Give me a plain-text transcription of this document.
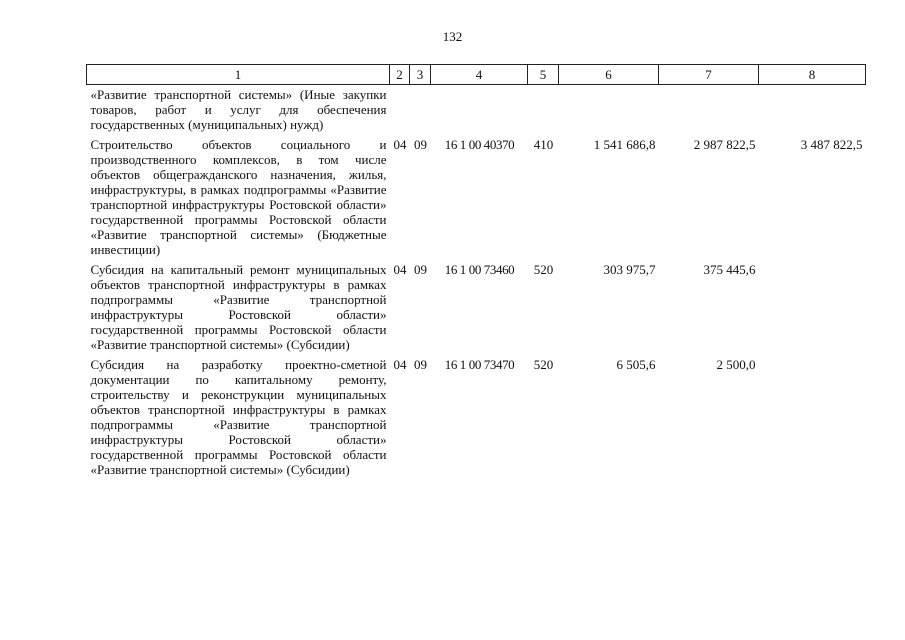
132
1	2	3	4	5	6	7	8
«Развитие транспортной системы» (Иные закупки товаров, работ и услуг для обеспечения государственных (муниципальных) нужд)							
Строительство объектов социального и производственного комплексов, в том числе объектов общегражданского назначения, жилья, инфраструктуры, в рамках подпрограммы «Развитие транспортной инфраструктуры Ростовской области» государственной программы Ростовской области «Развитие транспортной системы» (Бюджетные инвестиции)	04	09	16 1 00 40370	410	1 541 686,8	2 987 822,5	3 487 822,5
Субсидия на капитальный ремонт муниципальных объектов транспортной инфраструктуры в рамках подпрограммы «Развитие транспортной инфраструктуры Ростовской области» государственной программы Ростовской области «Развитие транспортной системы» (Субсидии)	04	09	16 1 00 73460	520	303 975,7	375 445,6	
Субсидия на разработку проектно-сметной документации по капитальному ремонту, строительству и реконструкции муниципальных объектов транспортной инфраструктуры в рамках подпрограммы «Развитие транспортной инфраструктуры Ростовской области» государственной программы Ростовской области «Развитие транспортной системы» (Субсидии)	04	09	16 1 00 73470	520	6 505,6	2 500,0	
